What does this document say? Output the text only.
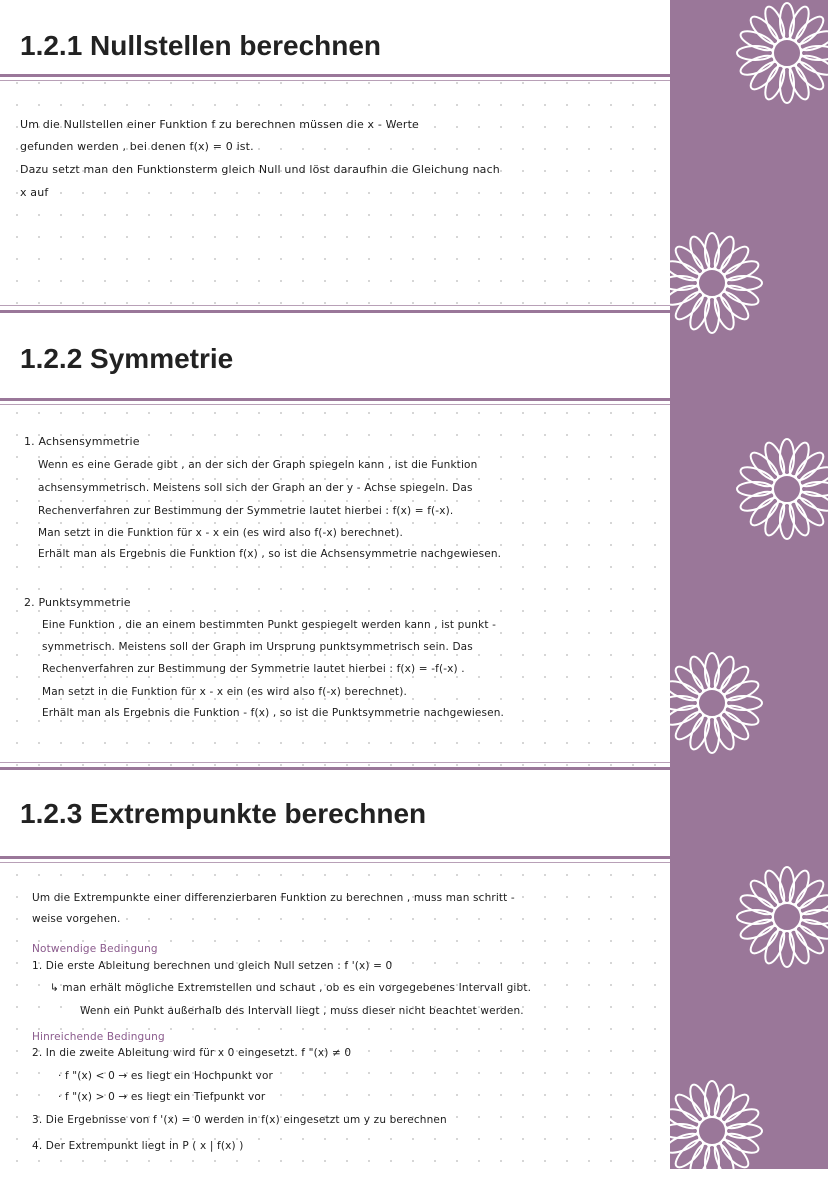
1.2.1 Nullstellen berechnen

Um die Nullstellen einer Funktion f zu berechnen müssen die x - Werte

gefunden werden , bei denen f(x) = 0 ist.

Dazu setzt man den Funktionsterm gleich Null und löst daraufhin die Gleichung nach

x auf

1.2.2 Symmetrie

1. Achsensymmetrie

Wenn es eine Gerade gibt , an der sich der Graph spiegeln kann , ist die Funktion

achsensymmetrisch. Meistens soll sich der Graph an der y - Achse spiegeln. Das

Rechenverfahren zur Bestimmung der Symmetrie lautet hierbei : f(x) = f(-x).

Man setzt in die Funktion für x - x ein (es wird also f(-x) berechnet).

Erhält man als Ergebnis die Funktion f(x) , so ist die Achsensymmetrie nachgewiesen.

2. Punktsymmetrie

Eine Funktion , die an einem bestimmten Punkt gespiegelt werden kann , ist punkt -

symmetrisch. Meistens soll der Graph im Ursprung punktsymmetrisch sein. Das

Rechenverfahren zur Bestimmung der Symmetrie lautet hierbei : f(x) = -f(-x) .

Man setzt in die Funktion für x - x ein (es wird also f(-x) berechnet).

Erhält man als Ergebnis die Funktion - f(x) , so ist die Punktsymmetrie nachgewiesen.

1.2.3 Extrempunkte berechnen

Um die Extrempunkte einer differenzierbaren Funktion zu berechnen , muss man schritt -

weise vorgehen.

Notwendige Bedingung

1. Die erste Ableitung berechnen und gleich Null setzen : f '(x) = 0

↳ man erhält mögliche Extremstellen und schaut , ob es ein vorgegebenes Intervall gibt.

Wenn ein Punkt außerhalb des Intervall liegt , muss dieser nicht beachtet werden.

Hinreichende Bedingung

2. In die zweite Ableitung wird für x 0 eingesetzt. f "(x) ≠ 0

· f "(x) < 0 → es liegt ein Hochpunkt vor

· f "(x) > 0 → es liegt ein Tiefpunkt vor

3. Die Ergebnisse von f '(x) = 0 werden in f(x) eingesetzt um y zu berechnen

4. Der Extrempunkt liegt in P ( x | f(x) )
